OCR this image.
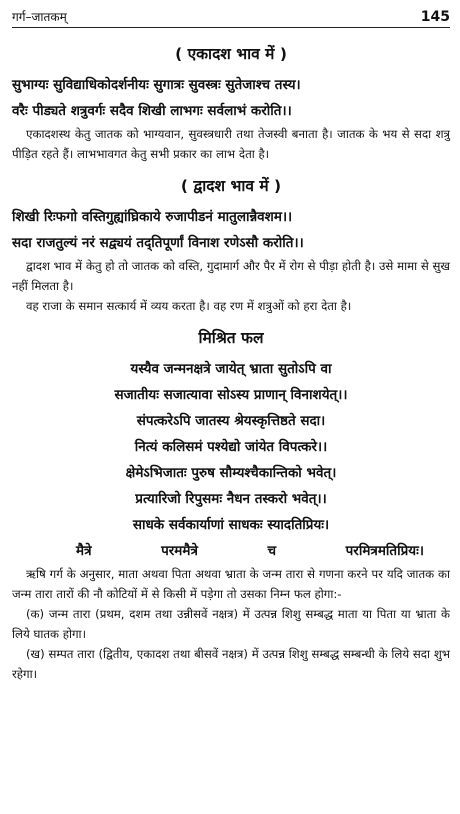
गर्ग–जातकम्	145
( एकादश भाव में )
सुभाग्यः सुविद्याधिकोदर्शनीयः सुगात्रः सुवस्त्रः सुतेजाश्च तस्य।
वरैः पीड्यते शत्रुवर्गः सदैव शिखी लाभगः सर्वलाभं करोति।।
एकादशस्थ केतु जातक को भाग्यवान, सुवस्त्रधारी तथा तेजस्वी बनाता है। जातक के भय से सदा शत्रु पीड़ित रहते हैं। लाभभावगत केतु सभी प्रकार का लाभ देता है।
( द्वादश भाव में )
शिखी रिःफगो वस्तिगुह्यांघ्रिकाये रुजापीडनं मातुलान्नैवशम।।
सदा राजतुल्यं नरं सद्व्ययं तद्तिपूर्णां विनाश रणेऽसौ करोति।।
द्वादश भाव में केतु हो तो जातक को वस्ति, गुदामार्ग और पैर में रोग से पीड़ा होती है। उसे मामा से सुख नहीं मिलता है।
वह राजा के समान सत्कार्य में व्यय करता है। वह रण में शत्रुओं को हरा देता है।
मिश्रित फल
यस्यैव जन्मनक्षत्रे जायेत् भ्राता सुतोऽपि वा
सजातीयः सजात्यावा सोऽस्य प्राणान् विनाशयेत्।।
संपत्करेऽपि जातस्य श्रेयस्कृत्तिष्ठते सदा।
नित्यं कलिसमं पश्येद्यो जांयेत विपत्करे।।
क्षेमेऽभिजातः पुरुष सौम्यश्चैकान्तिको भवेत्।
प्रत्यारिजो रिपुसमः नैधन तस्करो भवेत्।।
साधके सर्वकार्याणां साधकः स्यादतिप्रियः।
मैत्रे	परममैत्रे	च	परमित्रमतिप्रियः।
ऋषि गर्ग के अनुसार, माता अथवा पिता अथवा भ्राता के जन्म तारा से गणना करने पर यदि जातक का जन्म तारा तारों की नौ कोटियों में से किसी में पड़ेगा तो उसका निम्न फल होगा:-
(क) जन्म तारा (प्रथम, दशम तथा उन्नीसवें नक्षत्र) में उत्पन्न शिशु सम्बद्ध माता या पिता या भ्राता के लिये घातक होगा।
(ख) सम्पत तारा (द्वितीय, एकादश तथा बीसवें नक्षत्र) में उत्पन्न शिशु सम्बद्ध सम्बन्धी के लिये सदा शुभ रहेगा।
